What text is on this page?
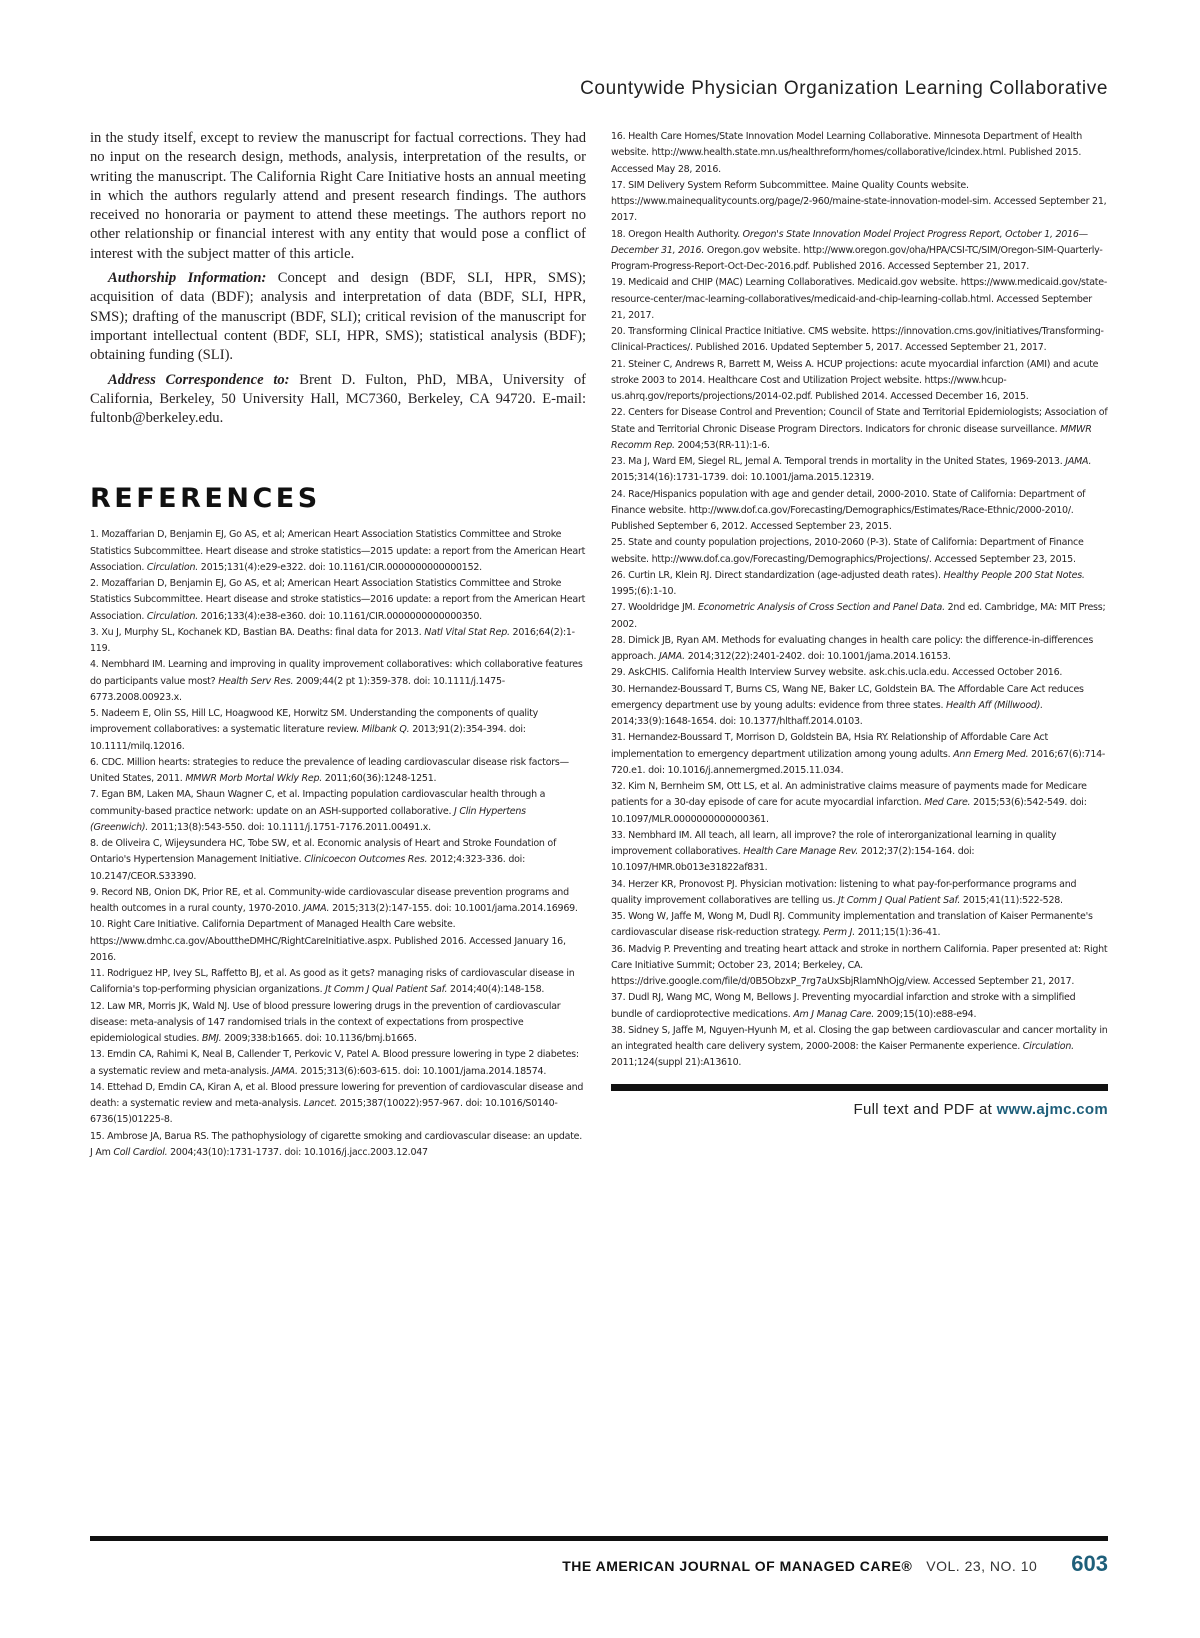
Countywide Physician Organization Learning Collaborative

in the study itself, except to review the manuscript for factual corrections. They had no input on the research design, methods, analysis, interpretation of the results, or writing the manuscript. The California Right Care Initiative hosts an annual meeting in which the authors regularly attend and present research findings. The authors received no honoraria or payment to attend these meetings. The authors report no other relationship or financial interest with any entity that would pose a conflict of interest with the subject matter of this article.

Authorship Information: Concept and design (BDF, SLI, HPR, SMS); acquisition of data (BDF); analysis and interpretation of data (BDF, SLI, HPR, SMS); drafting of the manuscript (BDF, SLI); critical revision of the manuscript for important intellectual content (BDF, SLI, HPR, SMS); statistical analysis (BDF); obtaining funding (SLI).

Address Correspondence to: Brent D. Fulton, PhD, MBA, University of California, Berkeley, 50 University Hall, MC7360, Berkeley, CA 94720. E-mail: fultonb@berkeley.edu.

REFERENCES
1. Mozaffarian D, Benjamin EJ, Go AS, et al; American Heart Association Statistics Committee and Stroke Statistics Subcommittee. Heart disease and stroke statistics—2015 update: a report from the American Heart Association. Circulation. 2015;131(4):e29-e322. doi: 10.1161/CIR.0000000000000152.
2. Mozaffarian D, Benjamin EJ, Go AS, et al; American Heart Association Statistics Committee and Stroke Statistics Subcommittee. Heart disease and stroke statistics—2016 update: a report from the American Heart Association. Circulation. 2016;133(4):e38-e360. doi: 10.1161/CIR.0000000000000350.
3. Xu J, Murphy SL, Kochanek KD, Bastian BA. Deaths: final data for 2013. Natl Vital Stat Rep. 2016;64(2):1-119.
4. Nembhard IM. Learning and improving in quality improvement collaboratives: which collaborative features do participants value most? Health Serv Res. 2009;44(2 pt 1):359-378. doi: 10.1111/j.1475-6773.2008.00923.x.
5. Nadeem E, Olin SS, Hill LC, Hoagwood KE, Horwitz SM. Understanding the components of quality improvement collaboratives: a systematic literature review. Milbank Q. 2013;91(2):354-394. doi: 10.1111/milq.12016.
6. CDC. Million hearts: strategies to reduce the prevalence of leading cardiovascular disease risk factors—United States, 2011. MMWR Morb Mortal Wkly Rep. 2011;60(36):1248-1251.
7. Egan BM, Laken MA, Shaun Wagner C, et al. Impacting population cardiovascular health through a community-based practice network: update on an ASH-supported collaborative. J Clin Hypertens (Greenwich). 2011;13(8):543-550. doi: 10.1111/j.1751-7176.2011.00491.x.
8. de Oliveira C, Wijeysundera HC, Tobe SW, et al. Economic analysis of Heart and Stroke Foundation of Ontario's Hypertension Management Initiative. Clinicoecon Outcomes Res. 2012;4:323-336. doi: 10.2147/CEOR.S33390.
9. Record NB, Onion DK, Prior RE, et al. Community-wide cardiovascular disease prevention programs and health outcomes in a rural county, 1970-2010. JAMA. 2015;313(2):147-155. doi: 10.1001/jama.2014.16969.
10. Right Care Initiative. California Department of Managed Health Care website. https://www.dmhc.ca.gov/AbouttheDMHC/RightCareInitiative.aspx. Published 2016. Accessed January 16, 2016.
11. Rodriguez HP, Ivey SL, Raffetto BJ, et al. As good as it gets? managing risks of cardiovascular disease in California's top-performing physician organizations. Jt Comm J Qual Patient Saf. 2014;40(4):148-158.
12. Law MR, Morris JK, Wald NJ. Use of blood pressure lowering drugs in the prevention of cardiovascular disease: meta-analysis of 147 randomised trials in the context of expectations from prospective epidemiological studies. BMJ. 2009;338:b1665. doi: 10.1136/bmj.b1665.
13. Emdin CA, Rahimi K, Neal B, Callender T, Perkovic V, Patel A. Blood pressure lowering in type 2 diabetes: a systematic review and meta-analysis. JAMA. 2015;313(6):603-615. doi: 10.1001/jama.2014.18574.
14. Ettehad D, Emdin CA, Kiran A, et al. Blood pressure lowering for prevention of cardiovascular disease and death: a systematic review and meta-analysis. Lancet. 2015;387(10022):957-967. doi: 10.1016/S0140-6736(15)01225-8.
15. Ambrose JA, Barua RS. The pathophysiology of cigarette smoking and cardiovascular disease: an update. J Am Coll Cardiol. 2004;43(10):1731-1737. doi: 10.1016/j.jacc.2003.12.047
16. Health Care Homes/State Innovation Model Learning Collaborative. Minnesota Department of Health website. http://www.health.state.mn.us/healthreform/homes/collaborative/lcindex.html. Published 2015. Accessed May 28, 2016.
17. SIM Delivery System Reform Subcommittee. Maine Quality Counts website. https://www.mainequalitycounts.org/page/2-960/maine-state-innovation-model-sim. Accessed September 21, 2017.
18. Oregon Health Authority. Oregon's State Innovation Model Project Progress Report, October 1, 2016—December 31, 2016. Oregon.gov website. http://www.oregon.gov/oha/HPA/CSI-TC/SIM/Oregon-SIM-Quarterly-Program-Progress-Report-Oct-Dec-2016.pdf. Published 2016. Accessed September 21, 2017.
19. Medicaid and CHIP (MAC) Learning Collaboratives. Medicaid.gov website. https://www.medicaid.gov/state-resource-center/mac-learning-collaboratives/medicaid-and-chip-learning-collab.html. Accessed September 21, 2017.
20. Transforming Clinical Practice Initiative. CMS website. https://innovation.cms.gov/initiatives/Transforming-Clinical-Practices/. Published 2016. Updated September 5, 2017. Accessed September 21, 2017.
21. Steiner C, Andrews R, Barrett M, Weiss A. HCUP projections: acute myocardial infarction (AMI) and acute stroke 2003 to 2014. Healthcare Cost and Utilization Project website. https://www.hcup-us.ahrq.gov/reports/projections/2014-02.pdf. Published 2014. Accessed December 16, 2015.
22. Centers for Disease Control and Prevention; Council of State and Territorial Epidemiologists; Association of State and Territorial Chronic Disease Program Directors. Indicators for chronic disease surveillance. MMWR Recomm Rep. 2004;53(RR-11):1-6.
23. Ma J, Ward EM, Siegel RL, Jemal A. Temporal trends in mortality in the United States, 1969-2013. JAMA. 2015;314(16):1731-1739. doi: 10.1001/jama.2015.12319.
24. Race/Hispanics population with age and gender detail, 2000-2010. State of California: Department of Finance website. http://www.dof.ca.gov/Forecasting/Demographics/Estimates/Race-Ethnic/2000-2010/. Published September 6, 2012. Accessed September 23, 2015.
25. State and county population projections, 2010-2060 (P-3). State of California: Department of Finance website. http://www.dof.ca.gov/Forecasting/Demographics/Projections/. Accessed September 23, 2015.
26. Curtin LR, Klein RJ. Direct standardization (age-adjusted death rates). Healthy People 200 Stat Notes. 1995;(6):1-10.
27. Wooldridge JM. Econometric Analysis of Cross Section and Panel Data. 2nd ed. Cambridge, MA: MIT Press; 2002.
28. Dimick JB, Ryan AM. Methods for evaluating changes in health care policy: the difference-in-differences approach. JAMA. 2014;312(22):2401-2402. doi: 10.1001/jama.2014.16153.
29. AskCHIS. California Health Interview Survey website. ask.chis.ucla.edu. Accessed October 2016.
30. Hernandez-Boussard T, Burns CS, Wang NE, Baker LC, Goldstein BA. The Affordable Care Act reduces emergency department use by young adults: evidence from three states. Health Aff (Millwood). 2014;33(9):1648-1654. doi: 10.1377/hlthaff.2014.0103.
31. Hernandez-Boussard T, Morrison D, Goldstein BA, Hsia RY. Relationship of Affordable Care Act implementation to emergency department utilization among young adults. Ann Emerg Med. 2016;67(6):714-720.e1. doi: 10.1016/j.annemergmed.2015.11.034.
32. Kim N, Bernheim SM, Ott LS, et al. An administrative claims measure of payments made for Medicare patients for a 30-day episode of care for acute myocardial infarction. Med Care. 2015;53(6):542-549. doi: 10.1097/MLR.0000000000000361.
33. Nembhard IM. All teach, all learn, all improve? the role of interorganizational learning in quality improvement collaboratives. Health Care Manage Rev. 2012;37(2):154-164. doi: 10.1097/HMR.0b013e31822af831.
34. Herzer KR, Pronovost PJ. Physician motivation: listening to what pay-for-performance programs and quality improvement collaboratives are telling us. Jt Comm J Qual Patient Saf. 2015;41(11):522-528.
35. Wong W, Jaffe M, Wong M, Dudl RJ. Community implementation and translation of Kaiser Permanente's cardiovascular disease risk-reduction strategy. Perm J. 2011;15(1):36-41.
36. Madvig P. Preventing and treating heart attack and stroke in northern California. Paper presented at: Right Care Initiative Summit; October 23, 2014; Berkeley, CA. https://drive.google.com/file/d/0B5ObzxP_7rg7aUxSbjRlamNhOjg/view. Accessed September 21, 2017.
37. Dudl RJ, Wang MC, Wong M, Bellows J. Preventing myocardial infarction and stroke with a simplified bundle of cardioprotective medications. Am J Manag Care. 2009;15(10):e88-e94.
38. Sidney S, Jaffe M, Nguyen-Hyunh M, et al. Closing the gap between cardiovascular and cancer mortality in an integrated health care delivery system, 2000-2008: the Kaiser Permanente experience. Circulation. 2011;124(suppl 21):A13610.
Full text and PDF at www.ajmc.com
THE AMERICAN JOURNAL OF MANAGED CARE® VOL. 23, NO. 10 603
